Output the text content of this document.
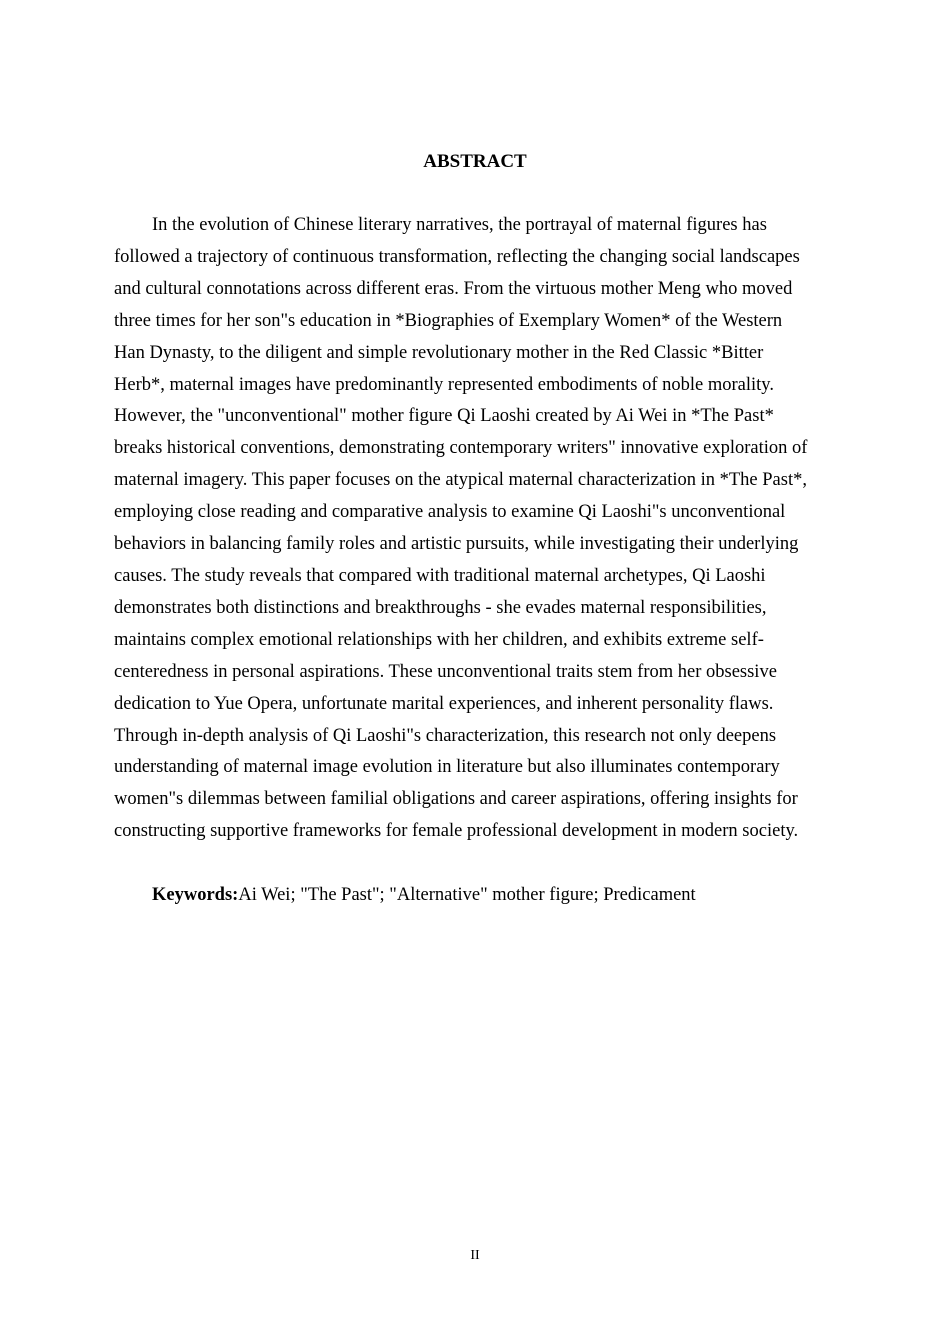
ABSTRACT
In the evolution of Chinese literary narratives, the portrayal of maternal figures has
followed a trajectory of continuous transformation, reflecting the changing social landscapes
and cultural connotations across different eras. From the virtuous mother Meng who moved
three times for her son"s education in *Biographies of Exemplary Women* of the Western
Han Dynasty, to the diligent and simple revolutionary mother in the Red Classic *Bitter
Herb*, maternal images have predominantly represented embodiments of noble morality.
However, the "unconventional" mother figure Qi Laoshi created by Ai Wei in *The Past*
breaks historical conventions, demonstrating contemporary writers" innovative exploration of
maternal imagery. This paper focuses on the atypical maternal characterization in *The Past*,
employing close reading and comparative analysis to examine Qi Laoshi"s unconventional
behaviors in balancing family roles and artistic pursuits, while investigating their underlying
causes. The study reveals that compared with traditional maternal archetypes, Qi Laoshi
demonstrates both distinctions and breakthroughs - she evades maternal responsibilities,
maintains complex emotional relationships with her children, and exhibits extreme self-
centeredness in personal aspirations. These unconventional traits stem from her obsessive
dedication to Yue Opera, unfortunate marital experiences, and inherent personality flaws.
Through in-depth analysis of Qi Laoshi"s characterization, this research not only deepens
understanding of maternal image evolution in literature but also illuminates contemporary
women"s dilemmas between familial obligations and career aspirations, offering insights for
constructing supportive frameworks for female professional development in modern society.
Keywords:Ai Wei; "The Past"; "Alternative" mother figure; Predicament
II
